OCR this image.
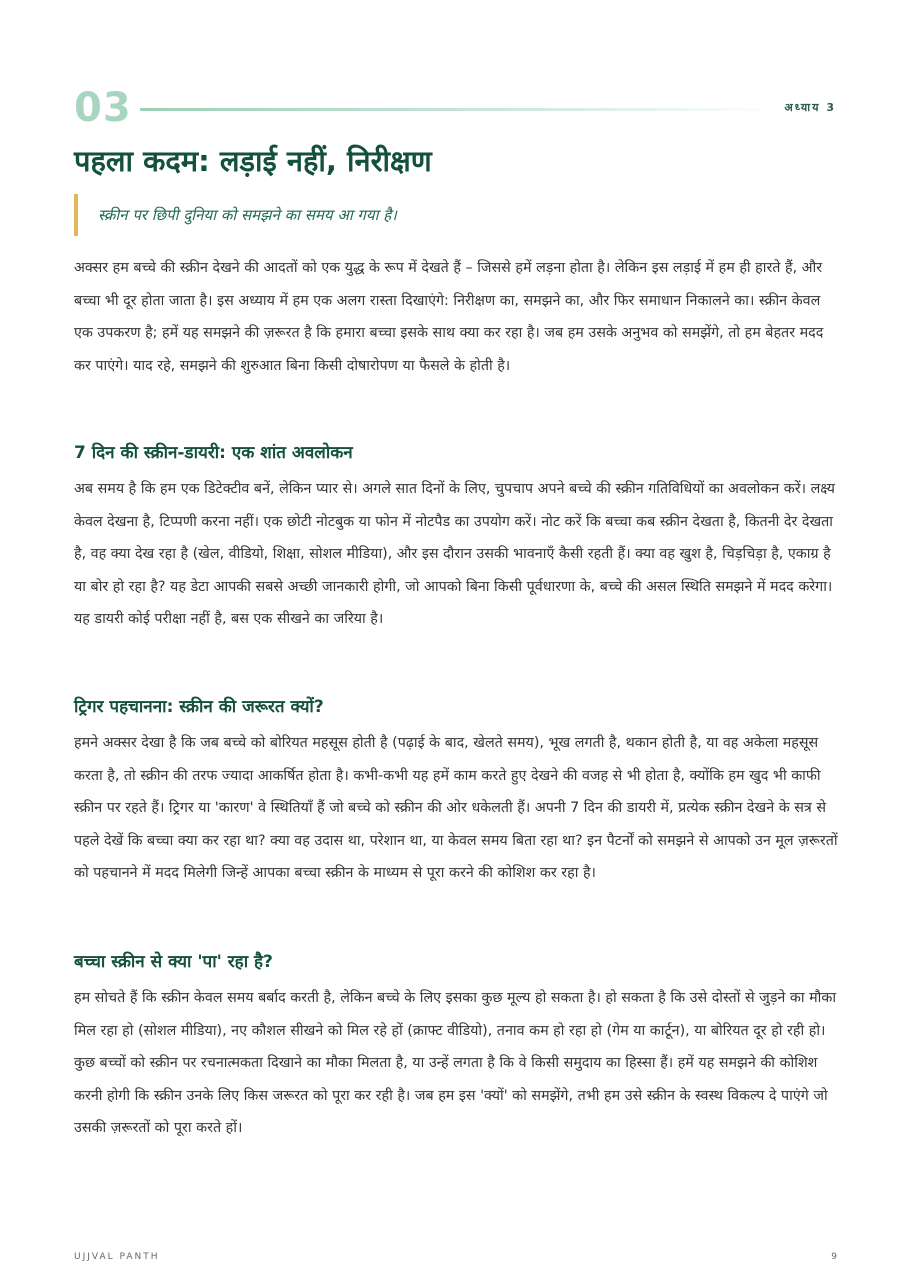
03	अध्याय 3
पहला कदम: लड़ाई नहीं, निरीक्षण
स्क्रीन पर छिपी दुनिया को समझने का समय आ गया है।

अक्सर हम बच्चे की स्क्रीन देखने की आदतों को एक युद्ध के रूप में देखते हैं – जिससे हमें लड़ना होता है। लेकिन इस लड़ाई में हम ही हारते हैं, और बच्चा भी दूर होता जाता है। इस अध्याय में हम एक अलग रास्ता दिखाएंगे: निरीक्षण का, समझने का, और फिर समाधान निकालने का। स्क्रीन केवल एक उपकरण है; हमें यह समझने की ज़रूरत है कि हमारा बच्चा इसके साथ क्या कर रहा है। जब हम उसके अनुभव को समझेंगे, तो हम बेहतर मदद कर पाएंगे। याद रहे, समझने की शुरुआत बिना किसी दोषारोपण या फैसले के होती है।

7 दिन की स्क्रीन-डायरी: एक शांत अवलोकन

अब समय है कि हम एक डिटेक्टीव बनें, लेकिन प्यार से। अगले सात दिनों के लिए, चुपचाप अपने बच्चे की स्क्रीन गतिविधियों का अवलोकन करें। लक्ष्य केवल देखना है, टिप्पणी करना नहीं। एक छोटी नोटबुक या फोन में नोटपैड का उपयोग करें। नोट करें कि बच्चा कब स्क्रीन देखता है, कितनी देर देखता है, वह क्या देख रहा है (खेल, वीडियो, शिक्षा, सोशल मीडिया), और इस दौरान उसकी भावनाएँ कैसी रहती हैं। क्या वह खुश है, चिड़चिड़ा है, एकाग्र है या बोर हो रहा है? यह डेटा आपकी सबसे अच्छी जानकारी होगी, जो आपको बिना किसी पूर्वधारणा के, बच्चे की असल स्थिति समझने में मदद करेगा। यह डायरी कोई परीक्षा नहीं है, बस एक सीखने का जरिया है।

ट्रिगर पहचानना: स्क्रीन की जरूरत क्यों?

हमने अक्सर देखा है कि जब बच्चे को बोरियत महसूस होती है (पढ़ाई के बाद, खेलते समय), भूख लगती है, थकान होती है, या वह अकेला महसूस करता है, तो स्क्रीन की तरफ ज्यादा आकर्षित होता है। कभी-कभी यह हमें काम करते हुए देखने की वजह से भी होता है, क्योंकि हम खुद भी काफी स्क्रीन पर रहते हैं। ट्रिगर या 'कारण' वे स्थितियाँ हैं जो बच्चे को स्क्रीन की ओर धकेलती हैं। अपनी 7 दिन की डायरी में, प्रत्येक स्क्रीन देखने के सत्र से पहले देखें कि बच्चा क्या कर रहा था? क्या वह उदास था, परेशान था, या केवल समय बिता रहा था? इन पैटर्नों को समझने से आपको उन मूल ज़रूरतों को पहचानने में मदद मिलेगी जिन्हें आपका बच्चा स्क्रीन के माध्यम से पूरा करने की कोशिश कर रहा है।

बच्चा स्क्रीन से क्या 'पा' रहा है?

हम सोचते हैं कि स्क्रीन केवल समय बर्बाद करती है, लेकिन बच्चे के लिए इसका कुछ मूल्य हो सकता है। हो सकता है कि उसे दोस्तों से जुड़ने का मौका मिल रहा हो (सोशल मीडिया), नए कौशल सीखने को मिल रहे हों (क्राफ्ट वीडियो), तनाव कम हो रहा हो (गेम या कार्टून), या बोरियत दूर हो रही हो। कुछ बच्चों को स्क्रीन पर रचनात्मकता दिखाने का मौका मिलता है, या उन्हें लगता है कि वे किसी समुदाय का हिस्सा हैं। हमें यह समझने की कोशिश करनी होगी कि स्क्रीन उनके लिए किस जरूरत को पूरा कर रही है। जब हम इस 'क्यों' को समझेंगे, तभी हम उसे स्क्रीन के स्वस्थ विकल्प दे पाएंगे जो उसकी ज़रूरतों को पूरा करते हों।

UJJVAL PANTH	9
